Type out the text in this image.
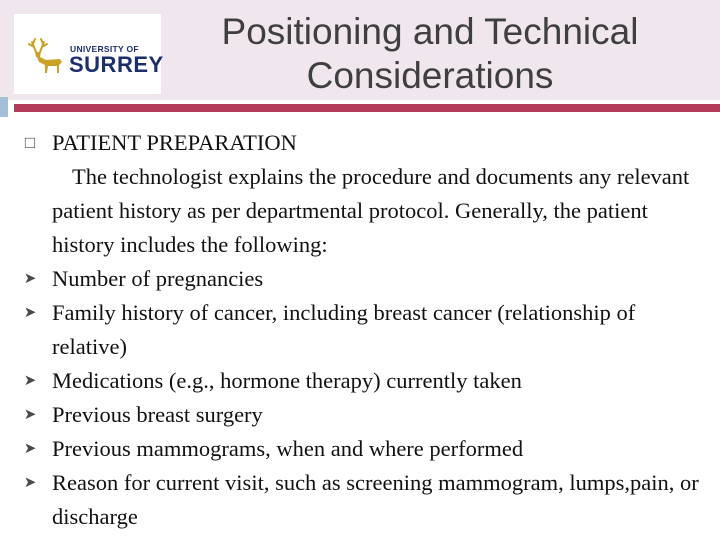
UNIVERSITY OF
SURREY
Positioning and Technical Considerations
□ PATIENT PREPARATION
The technologist explains the procedure and documents any relevant patient history as per departmental protocol. Generally, the patient history includes the following:
➤ Number of pregnancies
➤ Family history of cancer, including breast cancer (relationship of relative)
➤ Medications (e.g., hormone therapy) currently taken
➤ Previous breast surgery
➤ Previous mammograms, when and where performed
➤ Reason for current visit, such as screening mammogram, lumps,pain, or discharge
